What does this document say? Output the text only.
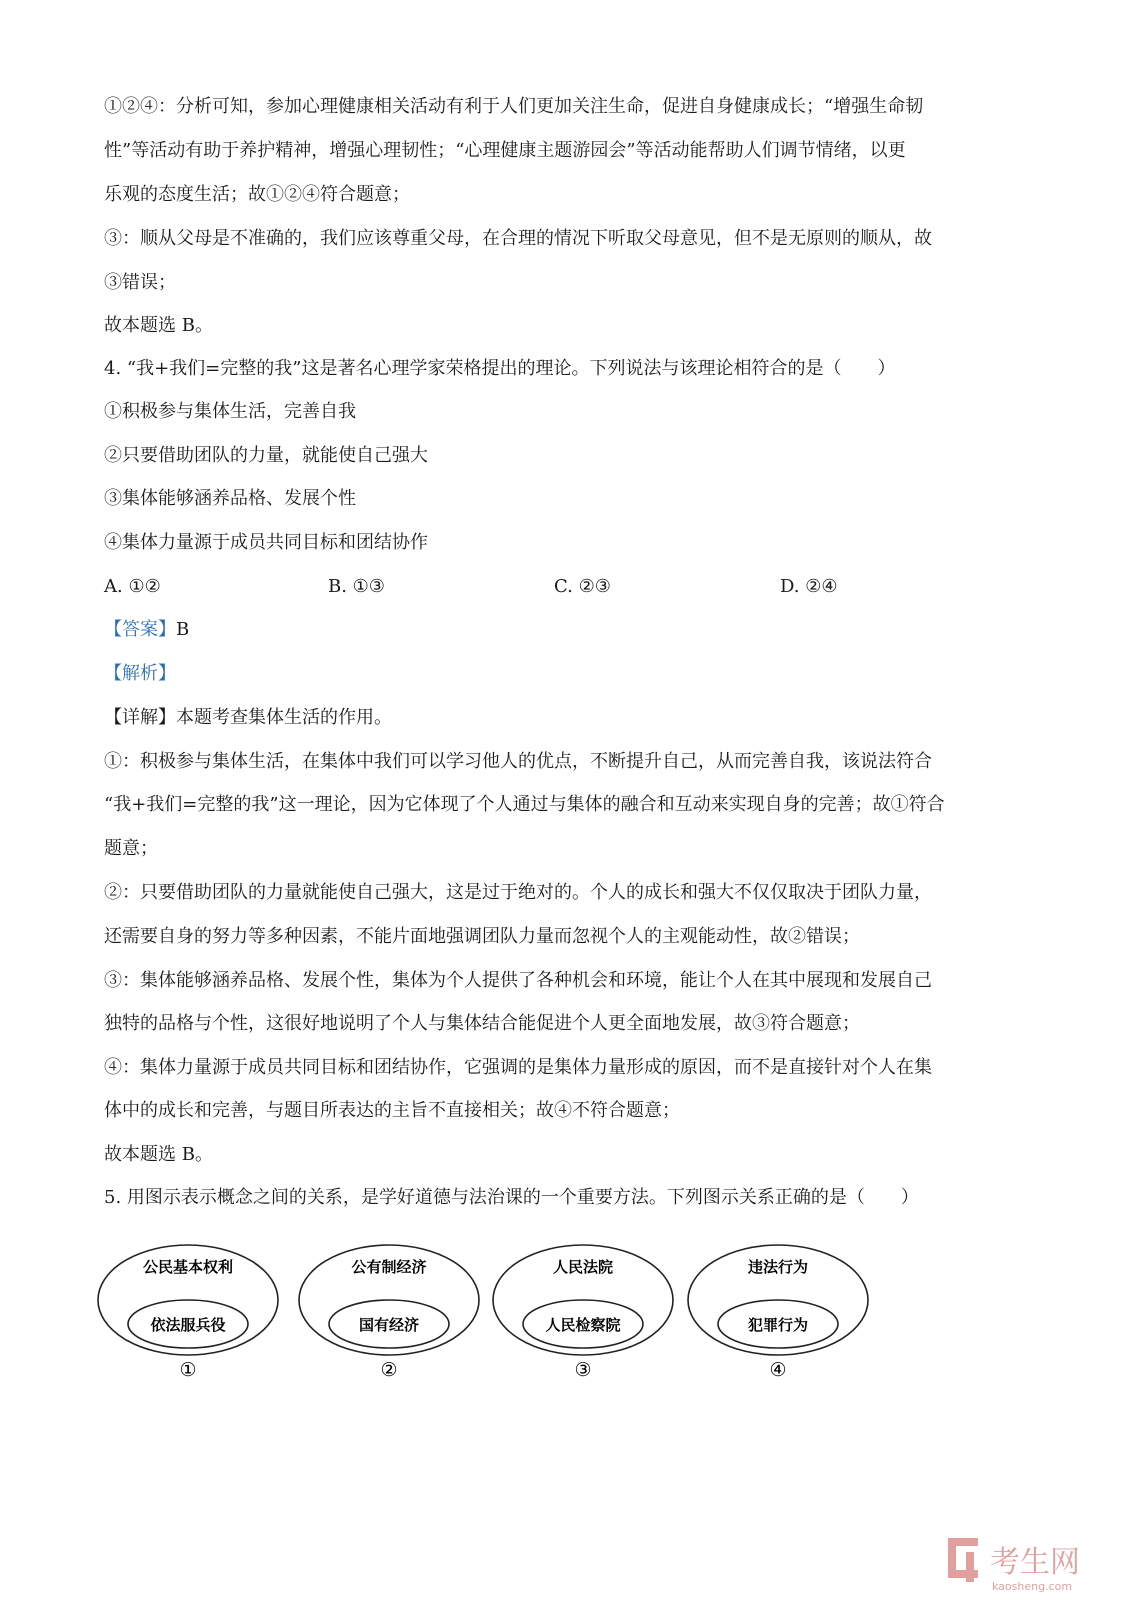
①②④：分析可知，参加心理健康相关活动有利于人们更加关注生命，促进自身健康成长；“增强生命韧
性”等活动有助于养护精神，增强心理韧性；“心理健康主题游园会”等活动能帮助人们调节情绪，以更
乐观的态度生活；故①②④符合题意；
③：顺从父母是不准确的，我们应该尊重父母，在合理的情况下听取父母意见，但不是无原则的顺从，故
③错误；
故本题选 B。
4. “我+我们=完整的我”这是著名心理学家荣格提出的理论。下列说法与该理论相符合的是（　　）
①积极参与集体生活，完善自我
②只要借助团队的力量，就能使自己强大
③集体能够涵养品格、发展个性
④集体力量源于成员共同目标和团结协作
A. ①②	B. ①③	C. ②③	D. ②④
【答案】B
【解析】
【详解】本题考查集体生活的作用。
①：积极参与集体生活，在集体中我们可以学习他人的优点，不断提升自己，从而完善自我，该说法符合
“我+我们=完整的我”这一理论，因为它体现了个人通过与集体的融合和互动来实现自身的完善；故①符合
题意；
②：只要借助团队的力量就能使自己强大，这是过于绝对的。个人的成长和强大不仅仅取决于团队力量，
还需要自身的努力等多种因素，不能片面地强调团队力量而忽视个人的主观能动性，故②错误；
③：集体能够涵养品格、发展个性，集体为个人提供了各种机会和环境，能让个人在其中展现和发展自己
独特的品格与个性，这很好地说明了个人与集体结合能促进个人更全面地发展，故③符合题意；
④：集体力量源于成员共同目标和团结协作，它强调的是集体力量形成的原因，而不是直接针对个人在集
体中的成长和完善，与题目所表达的主旨不直接相关；故④不符合题意；
故本题选 B。
5. 用图示表示概念之间的关系，是学好道德与法治课的一个重要方法。下列图示关系正确的是（　　）
公民基本权利
依法服兵役
①
公有制经济
国有经济
②
人民法院
人民检察院
③
违法行为
犯罪行为
④
考生网
kaosheng.com
